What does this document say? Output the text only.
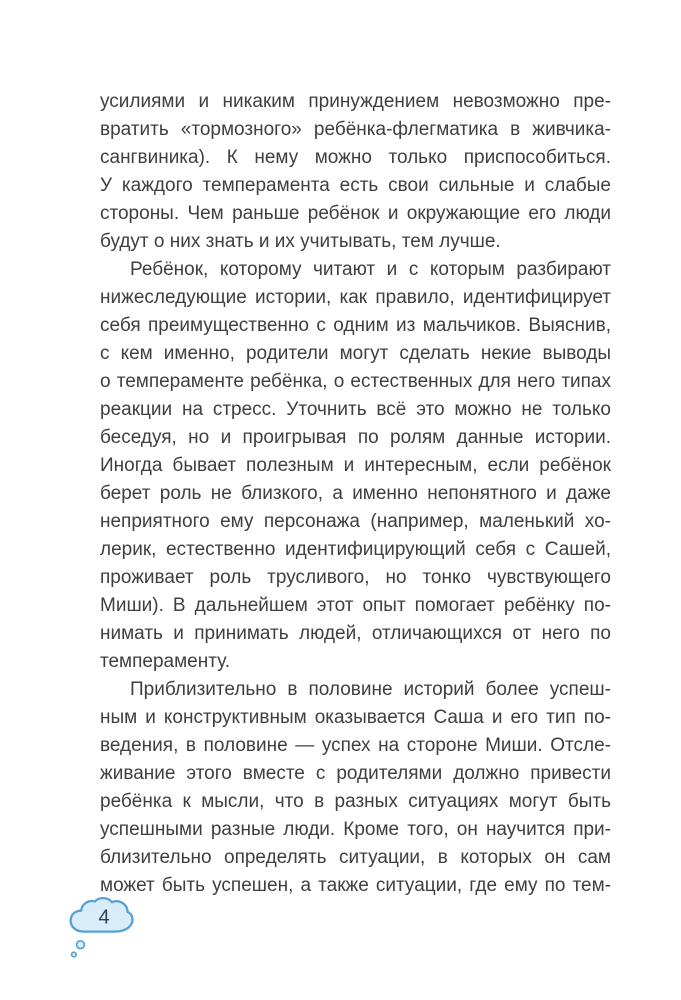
усилиями и никаким принуждением невозможно пре-
вратить «тормозного» ребёнка-флегматика в живчика-
сангвиника). К нему можно только приспособиться.
У каждого темперамента есть свои сильные и слабые
стороны. Чем раньше ребёнок и окружающие его люди
будут о них знать и их учитывать, тем лучше.
Ребёнок, которому читают и с которым разбирают
нижеследующие истории, как правило, идентифицирует
себя преимущественно с одним из мальчиков. Выяснив,
с кем именно, родители могут сделать некие выводы
о темпераменте ребёнка, о естественных для него типах
реакции на стресс. Уточнить всё это можно не только
беседуя, но и проигрывая по ролям данные истории.
Иногда бывает полезным и интересным, если ребёнок
берет роль не близкого, а именно непонятного и даже
неприятного ему персонажа (например, маленький хо-
лерик, естественно идентифицирующий себя с Сашей,
проживает роль трусливого, но тонко чувствующего
Миши). В дальнейшем этот опыт помогает ребёнку по-
нимать и принимать людей, отличающихся от него по
темпераменту.
Приблизительно в половине историй более успеш-
ным и конструктивным оказывается Саша и его тип по-
ведения, в половине — успех на стороне Миши. Отсле-
живание этого вместе с родителями должно привести
ребёнка к мысли, что в разных ситуациях могут быть
успешными разные люди. Кроме того, он научится при-
близительно определять ситуации, в которых он сам
может быть успешен, а также ситуации, где ему по тем-
4
